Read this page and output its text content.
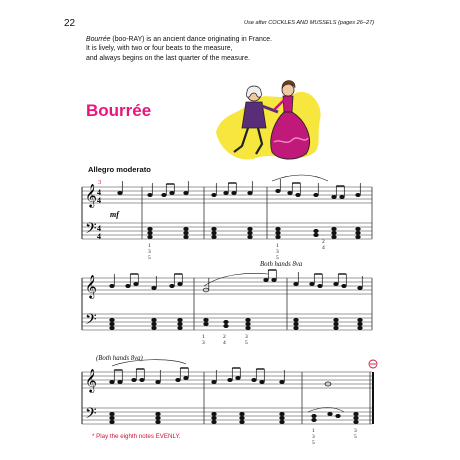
22	Use after COCKLES AND MUSSELS (pages 26–27)

Bourrée (boo-RAY) is an ancient dance originating in France.

It is lively, with two or four beats to the measure,

and always begins on the last quarter of the measure.

Bourrée
Allegro moderato
Both hands 8va
(Both hands 8va)
* Play the eighth notes EVENLY.
𝄞
𝄢
4
4
4
4
mf
3
1
3
5
1
3
5
2
4
𝄞
𝄢
1
3
2
4
3
5
𝄞
𝄢
1
3
5
3
5
